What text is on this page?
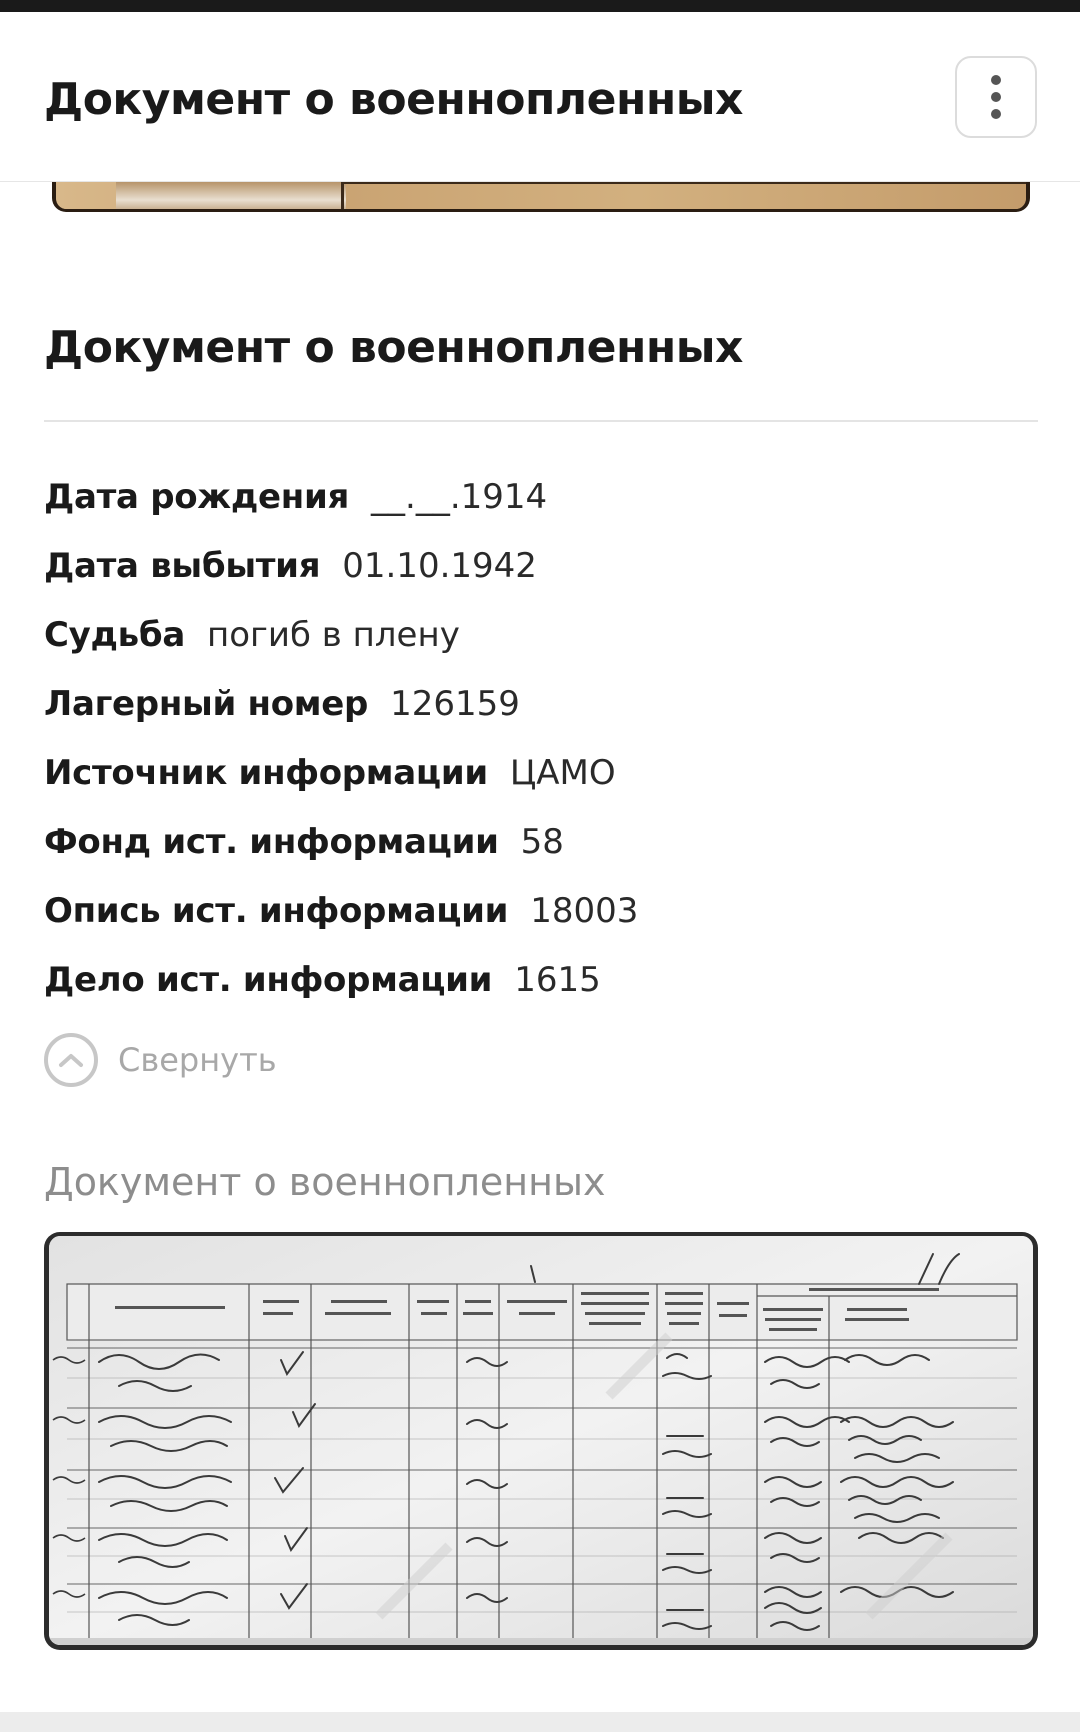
Документ о военнопленных
Документ о военнопленных
Дата рождения __.__.1914
Дата выбытия 01.10.1942
Судьба погиб в плену
Лагерный номер 126159
Источник информации ЦАМО
Фонд ист. информации 58
Опись ист. информации 18003
Дело ист. информации 1615
Свернуть
Документ о военнопленных
